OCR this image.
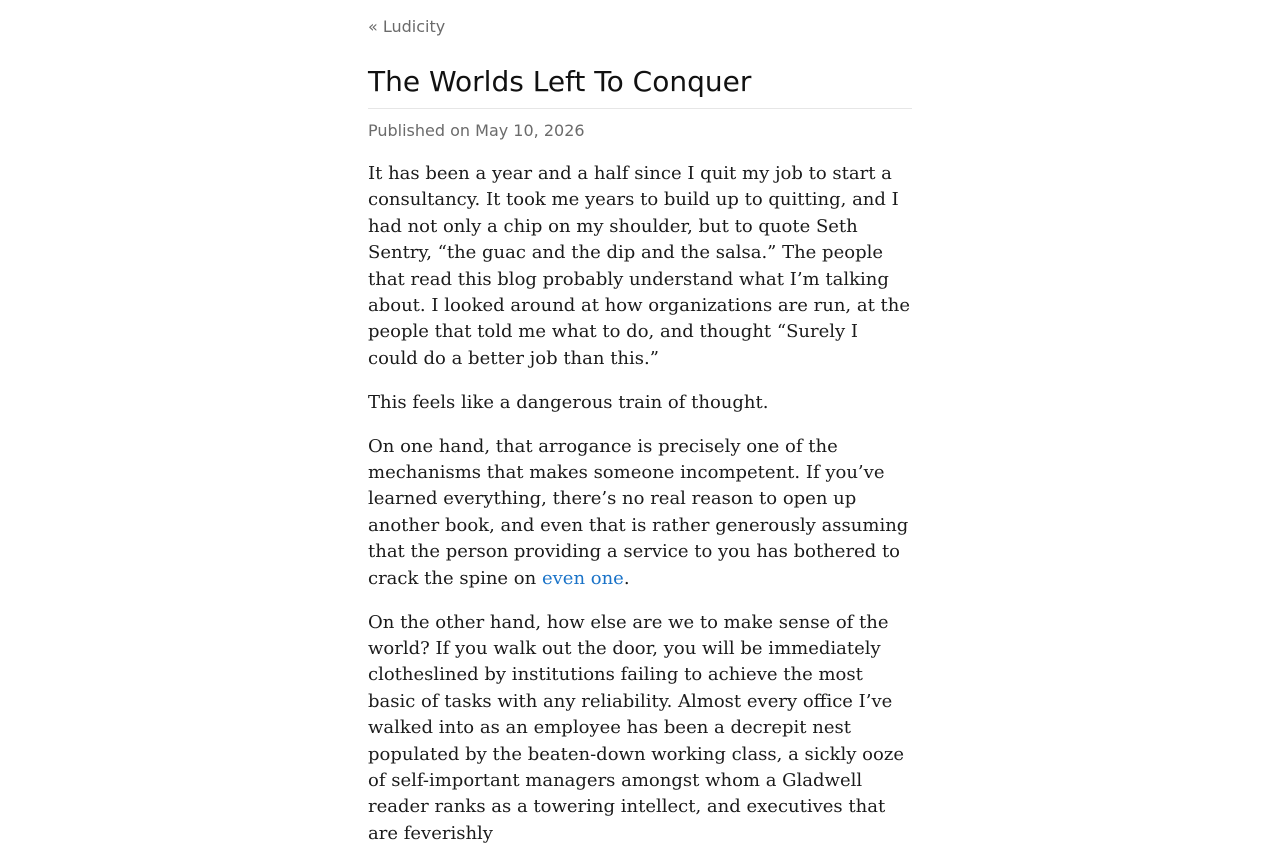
« Ludicity
The Worlds Left To Conquer
Published on May 10, 2026

It has been a year and a half since I quit my job to start a consultancy. It took me years to build up to quitting, and I had not only a chip on my shoulder, but to quote Seth Sentry, “the guac and the dip and the salsa.” The people that read this blog probably understand what I’m talking about. I looked around at how organizations are run, at the people that told me what to do, and thought “Surely I could do a better job than this.”

This feels like a dangerous train of thought.

On one hand, that arrogance is precisely one of the mechanisms that makes someone incompetent. If you’ve learned everything, there’s no real reason to open up another book, and even that is rather generously assuming that the person providing a service to you has bothered to crack the spine on even one.

On the other hand, how else are we to make sense of the world? If you walk out the door, you will be immediately clotheslined by institutions failing to achieve the most basic of tasks with any reliability. Almost every office I’ve walked into as an employee has been a decrepit nest populated by the beaten-down working class, a sickly ooze of self-important managers amongst whom a Gladwell reader ranks as a towering intellect, and executives that are feverishly
